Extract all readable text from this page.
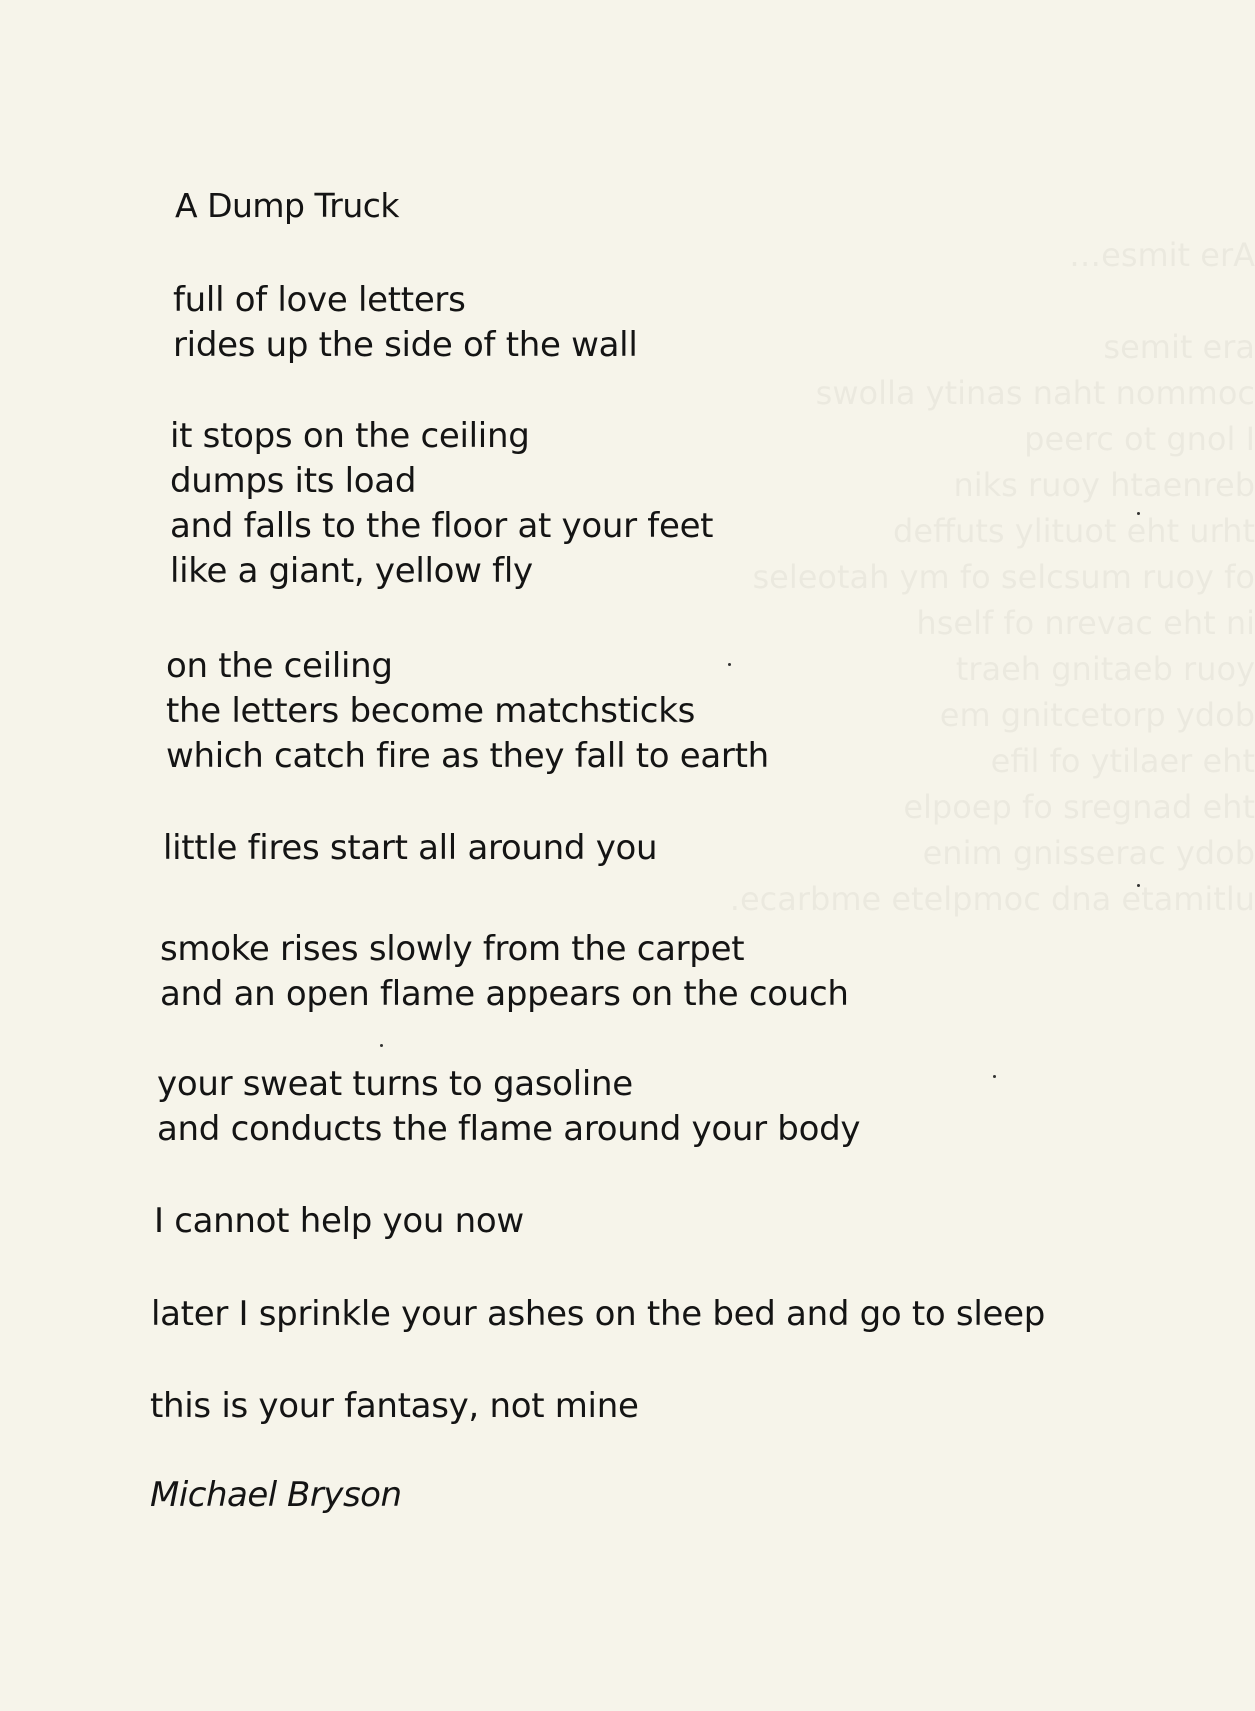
A Dump Truck
full of love letters
rides up the side of the wall
it stops on the ceiling
dumps its load
and falls to the floor at your feet
like a giant, yellow fly
on the ceiling
the letters become matchsticks
which catch fire as they fall to earth
little fires start all around you
smoke rises slowly from the carpet
and an open flame appears on the couch
your sweat turns to gasoline
and conducts the flame around your body
I cannot help you now
later I sprinkle your ashes on the bed and go to sleep
this is your fantasy, not mine
Michael Bryson
